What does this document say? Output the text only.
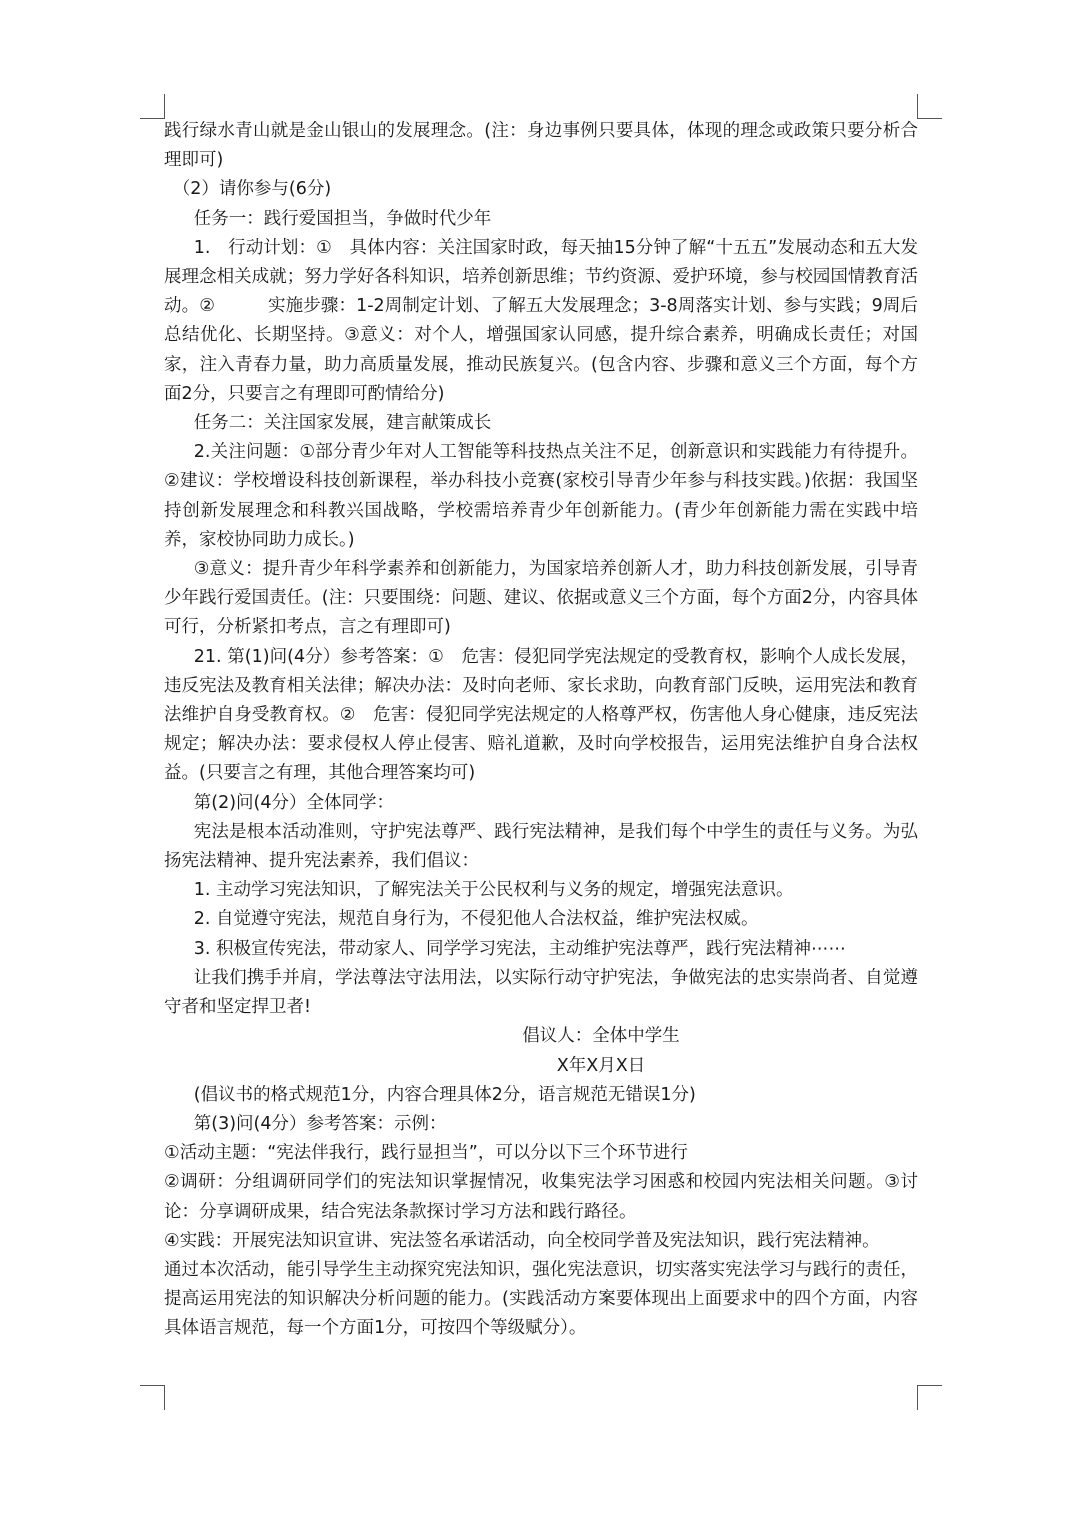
践行绿水青山就是金山银山的发展理念。(注：身边事例只要具体，体现的理念或政策只要分析合理即可)

（2）请你参与(6分)

任务一：践行爱国担当，争做时代少年

1.　行动计划：①　具体内容：关注国家时政，每天抽15分钟了解“十五五”发展动态和五大发展理念相关成就；努力学好各科知识，培养创新思维；节约资源、爱护环境，参与校园国情教育活动。②　　　实施步骤：1-2周制定计划、了解五大发展理念；3-8周落实计划、参与实践；9周后总结优化、长期坚持。③意义：对个人，增强国家认同感，提升综合素养，明确成长责任；对国家，注入青春力量，助力高质量发展，推动民族复兴。(包含内容、步骤和意义三个方面，每个方面2分，只要言之有理即可酌情给分)

任务二：关注国家发展，建言献策成长

2.关注问题：①部分青少年对人工智能等科技热点关注不足，创新意识和实践能力有待提升。②建议：学校增设科技创新课程，举办科技小竞赛(家校引导青少年参与科技实践。)依据：我国坚持创新发展理念和科教兴国战略，学校需培养青少年创新能力。(青少年创新能力需在实践中培养，家校协同助力成长。)

③意义：提升青少年科学素养和创新能力，为国家培养创新人才，助力科技创新发展，引导青少年践行爱国责任。(注：只要围绕：问题、建议、依据或意义三个方面，每个方面2分，内容具体可行，分析紧扣考点，言之有理即可)

21. 第(1)问(4分）参考答案：①　危害：侵犯同学宪法规定的受教育权，影响个人成长发展，违反宪法及教育相关法律；解决办法：及时向老师、家长求助，向教育部门反映，运用宪法和教育法维护自身受教育权。②　危害：侵犯同学宪法规定的人格尊严权，伤害他人身心健康，违反宪法规定；解决办法：要求侵权人停止侵害、赔礼道歉，及时向学校报告，运用宪法维护自身合法权益。(只要言之有理，其他合理答案均可)

第(2)问(4分）全体同学：

宪法是根本活动准则，守护宪法尊严、践行宪法精神，是我们每个中学生的责任与义务。为弘扬宪法精神、提升宪法素养，我们倡议：

1. 主动学习宪法知识，了解宪法关于公民权利与义务的规定，增强宪法意识。

2. 自觉遵守宪法，规范自身行为，不侵犯他人合法权益，维护宪法权威。

3. 积极宣传宪法，带动家人、同学学习宪法，主动维护宪法尊严，践行宪法精神⋯⋯

让我们携手并肩，学法尊法守法用法，以实际行动守护宪法，争做宪法的忠实崇尚者、自觉遵守者和坚定捍卫者!

倡议人：全体中学生

X年X月X日

(倡议书的格式规范1分，内容合理具体2分，语言规范无错误1分)

第(3)问(4分）参考答案：示例：

①活动主题：“宪法伴我行，践行显担当”，可以分以下三个环节进行

②调研：分组调研同学们的宪法知识掌握情况，收集宪法学习困惑和校园内宪法相关问题。③讨论：分享调研成果，结合宪法条款探讨学习方法和践行路径。

④实践：开展宪法知识宣讲、宪法签名承诺活动，向全校同学普及宪法知识，践行宪法精神。

通过本次活动，能引导学生主动探究宪法知识，强化宪法意识，切实落实宪法学习与践行的责任，提高运用宪法的知识解决分析问题的能力。(实践活动方案要体现出上面要求中的四个方面，内容具体语言规范，每一个方面1分，可按四个等级赋分）。
